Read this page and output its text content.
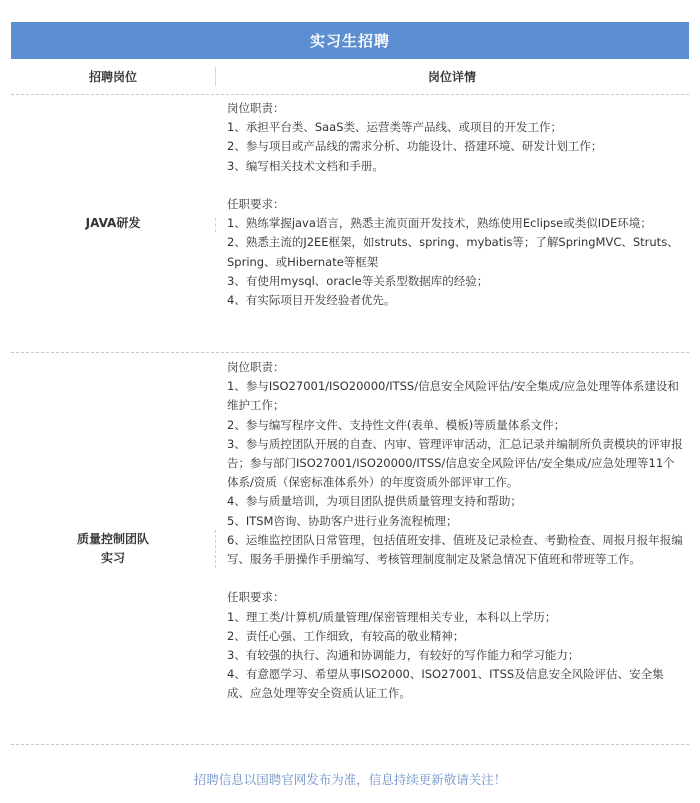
实习生招聘
招聘岗位	岗位详情
JAVA研发
岗位职责：
1、承担平台类、SaaS类、运营类等产品线、或项目的开发工作；
2、参与项目或产品线的需求分析、功能设计、搭建环境、研发计划工作；
3、编写相关技术文档和手册。
任职要求：
1、熟练掌握java语言，熟悉主流页面开发技术，熟练使用Eclipse或类似IDE环境；
2、熟悉主流的J2EE框架，如struts、spring、mybatis等；了解SpringMVC、Struts、Spring、或Hibernate等框架
3、有使用mysql、oracle等关系型数据库的经验；
4、有实际项目开发经验者优先。
质量控制团队
实习
岗位职责：
1、参与ISO27001/ISO20000/ITSS/信息安全风险评估/安全集成/应急处理等体系建设和维护工作；
2、参与编写程序文件、支持性文件(表单、模板)等质量体系文件；
3、参与质控团队开展的自查、内审、管理评审活动，汇总记录并编制所负责模块的评审报告；参与部门ISO27001/ISO20000/ITSS/信息安全风险评估/安全集成/应急处理等11个体系/资质（保密标准体系外）的年度资质外部评审工作。
4、参与质量培训，为项目团队提供质量管理支持和帮助；
5、ITSM咨询、协助客户进行业务流程梳理；
6、运维监控团队日常管理，包括值班安排、值班及记录检查、考勤检查、周报月报年报编写、服务手册操作手册编写、考核管理制度制定及紧急情况下值班和带班等工作。
任职要求：
1、理工类/计算机/质量管理/保密管理相关专业，本科以上学历；
2、责任心强、工作细致，有较高的敬业精神；
3、有较强的执行、沟通和协调能力，有较好的写作能力和学习能力；
4、有意愿学习、希望从事ISO2000、ISO27001、ITSS及信息安全风险评估、安全集成、应急处理等安全资质认证工作。
招聘信息以国聘官网发布为准，信息持续更新敬请关注！
